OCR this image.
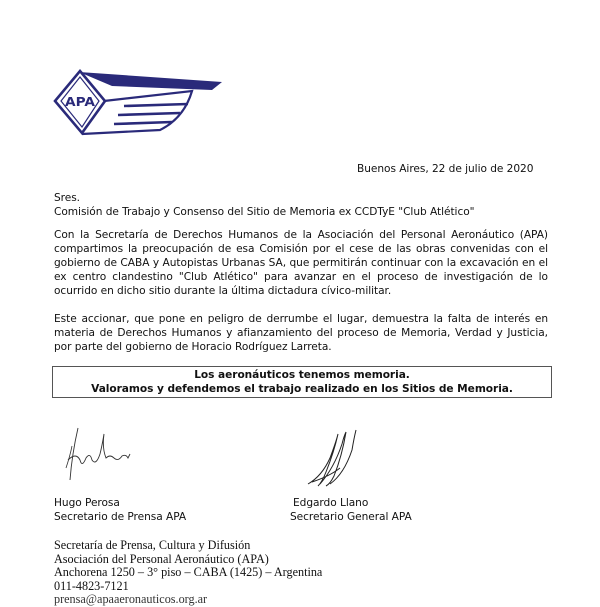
APA
Buenos Aires, 22 de julio de 2020
Sres.
Comisión de Trabajo y Consenso del Sitio de Memoria ex CCDTyE "Club Atlético"
Con la Secretaría de Derechos Humanos de la Asociación del Personal Aeronáutico (APA) compartimos la preocupación de esa Comisión por el cese de las obras convenidas con el gobierno de CABA y Autopistas Urbanas SA, que permitirán continuar con la excavación en el ex centro clandestino "Club Atlético" para avanzar en el proceso de investigación de lo ocurrido en dicho sitio durante la última dictadura cívico-militar.
Este accionar, que pone en peligro de derrumbe el lugar, demuestra la falta de interés en materia de Derechos Humanos y afianzamiento del proceso de Memoria, Verdad y Justicia, por parte del gobierno de Horacio Rodríguez Larreta.
Los aeronáuticos tenemos memoria.
Valoramos y defendemos el trabajo realizado en los Sitios de Memoria.
Hugo Perosa
Secretario de Prensa APA
Edgardo Llano
Secretario General APA
Secretaría de Prensa, Cultura y Difusión
Asociación del Personal Aeronáutico (APA)
Anchorena 1250 – 3° piso – CABA (1425) – Argentina
011-4823-7121
prensa@apaaeronauticos.org.ar
